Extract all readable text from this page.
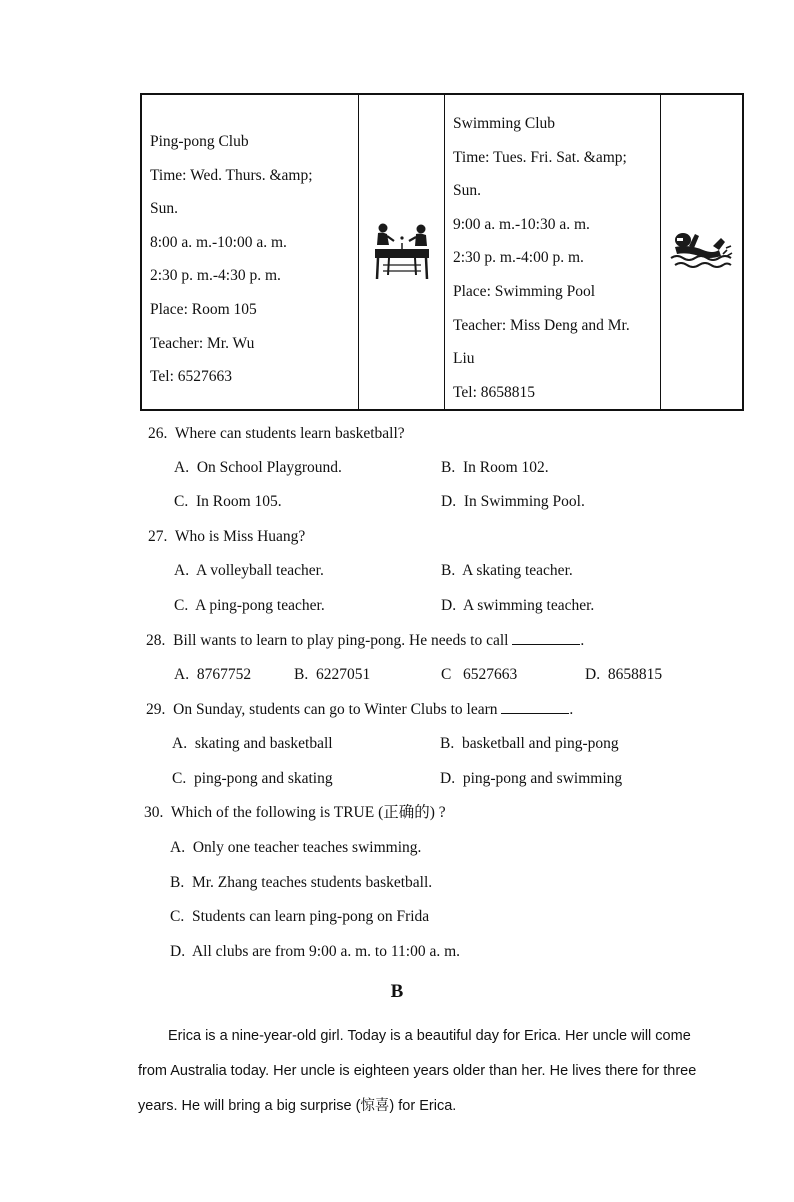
Ping-pong Club
Time: Wed. Thurs. &amp;
Sun.
8:00 a. m.-10:00 a. m.
2:30 p. m.-4:30 p. m.
Place: Room 105
Teacher: Mr. Wu
Tel: 6527663
Swimming Club
Time: Tues. Fri. Sat. &amp;
Sun.
9:00 a. m.-10:30 a. m.
2:30 p. m.-4:00 p. m.
Place: Swimming Pool
Teacher: Miss Deng and Mr.
Liu
Tel: 8658815
26. Where can students learn basketball?
A. On School Playground.	B. In Room 102.
C. In Room 105.	D. In Swimming Pool.
27. Who is Miss Huang?
A. A volleyball teacher.	B. A skating teacher.
C. A ping-pong teacher.	D. A swimming teacher.
28. Bill wants to learn to play ping-pong. He needs to call	.
A. 8767752	B. 6227051	C 6527663	D. 8658815
29. On Sunday, students can go to Winter Clubs to learn	.
A. skating and basketball	B. basketball and ping-pong
C. ping-pong and skating	D. ping-pong and swimming
30. Which of the following is TRUE (正确的) ?
A. Only one teacher teaches swimming.
B. Mr. Zhang teaches students basketball.
C. Students can learn ping-pong on Frida
D. All clubs are from 9:00 a. m. to 11:00 a. m.
B

Erica is a nine-year-old girl. Today is a beautiful day for Erica. Her uncle will come from Australia today. Her uncle is eighteen years older than her. He lives there for three years. He will bring a big surprise (惊喜) for Erica.
